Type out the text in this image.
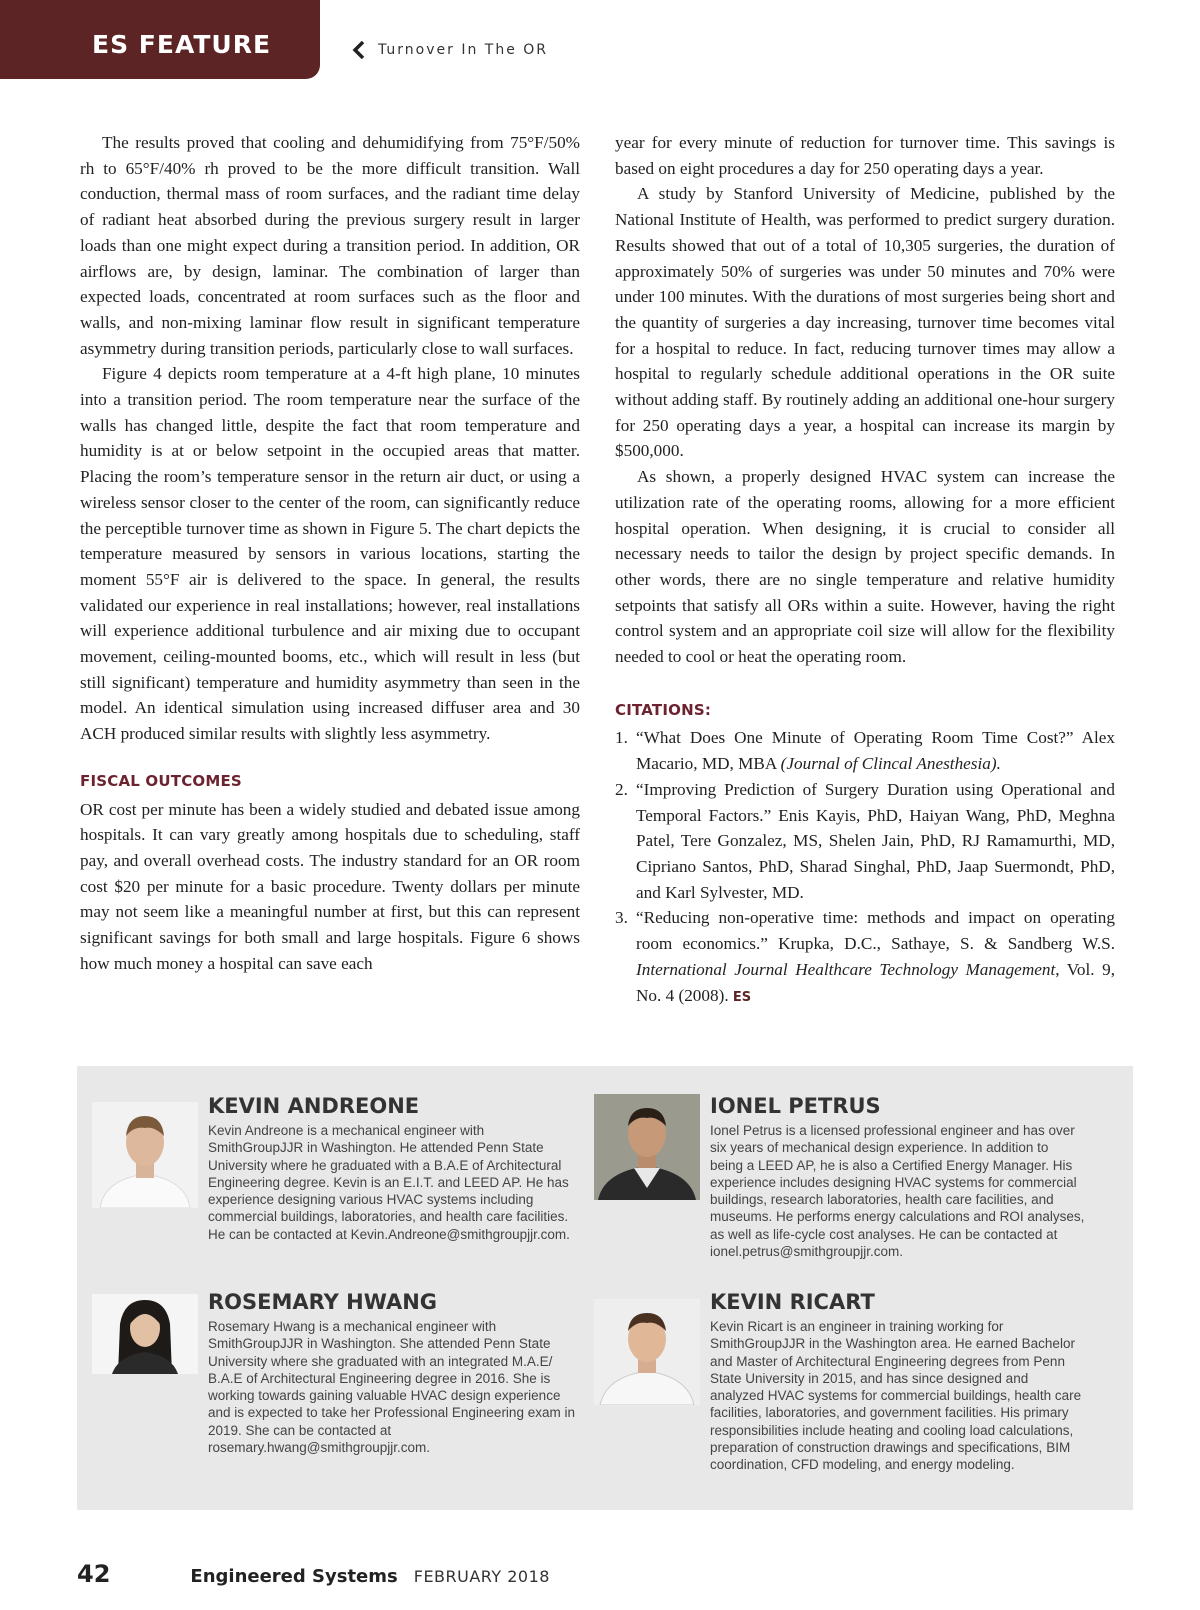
ES FEATURE	Turnover In The OR

The results proved that cooling and dehumidifying from 75°F/50% rh to 65°F/40% rh proved to be the more difficult transition. Wall conduction, thermal mass of room surfaces, and the radiant time delay of radiant heat absorbed during the previous surgery result in larger loads than one might expect during a transition period. In addition, OR airflows are, by design, laminar. The combination of larger than expected loads, concentrated at room surfaces such as the floor and walls, and non-mixing laminar flow result in significant temperature asymmetry during transition periods, particularly close to wall surfaces.

Figure 4 depicts room temperature at a 4-ft high plane, 10 minutes into a transition period. The room temperature near the surface of the walls has changed little, despite the fact that room temperature and humidity is at or below setpoint in the occupied areas that matter. Placing the room’s temperature sensor in the return air duct, or using a wireless sensor closer to the center of the room, can significantly reduce the perceptible turnover time as shown in Figure 5. The chart depicts the temperature measured by sensors in various locations, starting the moment 55°F air is delivered to the space. In general, the results validated our experience in real installations; however, real installations will experience additional turbulence and air mixing due to occupant movement, ceiling-mounted booms, etc., which will result in less (but still significant) temperature and humidity asymmetry than seen in the model. An identical simulation using increased diffuser area and 30 ACH produced similar results with slightly less asymmetry.

FISCAL OUTCOMES

OR cost per minute has been a widely studied and debated issue among hospitals. It can vary greatly among hospitals due to scheduling, staff pay, and overall overhead costs. The industry standard for an OR room cost $20 per minute for a basic procedure. Twenty dollars per minute may not seem like a meaningful number at first, but this can represent significant savings for both small and large hospitals. Figure 6 shows how much money a hospital can save each

year for every minute of reduction for turnover time. This savings is based on eight procedures a day for 250 operating days a year.

A study by Stanford University of Medicine, published by the National Institute of Health, was performed to predict surgery duration. Results showed that out of a total of 10,305 surgeries, the duration of approximately 50% of surgeries was under 50 minutes and 70% were under 100 minutes. With the durations of most surgeries being short and the quantity of surgeries a day increasing, turnover time becomes vital for a hospital to reduce. In fact, reducing turnover times may allow a hospital to regularly schedule additional operations in the OR suite without adding staff. By routinely adding an additional one-hour surgery for 250 operating days a year, a hospital can increase its margin by $500,000.

As shown, a properly designed HVAC system can increase the utilization rate of the operating rooms, allowing for a more efficient hospital operation. When designing, it is crucial to consider all necessary needs to tailor the design by project specific demands. In other words, there are no single temperature and relative humidity setpoints that satisfy all ORs within a suite. However, having the right control system and an appropriate coil size will allow for the flexibility needed to cool or heat the operating room.

CITATIONS:
1. “What Does One Minute of Operating Room Time Cost?” Alex Macario, MD, MBA (Journal of Clincal Anesthesia).
2. “Improving Prediction of Surgery Duration using Operational and Temporal Factors.” Enis Kayis, PhD, Haiyan Wang, PhD, Meghna Patel, Tere Gonzalez, MS, Shelen Jain, PhD, RJ Ramamurthi, MD, Cipriano Santos, PhD, Sharad Singhal, PhD, Jaap Suermondt, PhD, and Karl Sylvester, MD.
3. “Reducing non-operative time: methods and impact on operating room economics.” Krupka, D.C., Sathaye, S. & Sandberg W.S. International Journal Healthcare Technology Management, Vol. 9, No. 4 (2008). ES
KEVIN ANDREONE
Kevin Andreone is a mechanical engineer with SmithGroupJJR in Washington. He attended Penn State University where he graduated with a B.A.E of Architectural Engineering degree. Kevin is an E.I.T. and LEED AP. He has experience designing various HVAC systems including commercial buildings, laboratories, and health care facilities. He can be contacted at Kevin.Andreone@smithgroupjjr.com.
IONEL PETRUS
Ionel Petrus is a licensed professional engineer and has over six years of mechanical design experience. In addition to being a LEED AP, he is also a Certified Energy Manager. His experience includes designing HVAC systems for commercial buildings, research laboratories, health care facilities, and museums. He performs energy calculations and ROI analyses, as well as life-cycle cost analyses. He can be contacted at ionel.petrus@smithgroupjjr.com.
ROSEMARY HWANG
Rosemary Hwang is a mechanical engineer with SmithGroupJJR in Washington. She attended Penn State University where she graduated with an integrated M.A.E/ B.A.E of Architectural Engineering degree in 2016. She is working towards gaining valuable HVAC design experience and is expected to take her Professional Engineering exam in 2019. She can be contacted at rosemary.hwang@smithgroupjjr.com.
KEVIN RICART
Kevin Ricart is an engineer in training working for SmithGroupJJR in the Washington area. He earned Bachelor and Master of Architectural Engineering degrees from Penn State University in 2015, and has since designed and analyzed HVAC systems for commercial buildings, health care facilities, laboratories, and government facilities. His primary responsibilities include heating and cooling load calculations, preparation of construction drawings and specifications, BIM coordination, CFD modeling, and energy modeling.
42	Engineered Systems FEBRUARY 2018
